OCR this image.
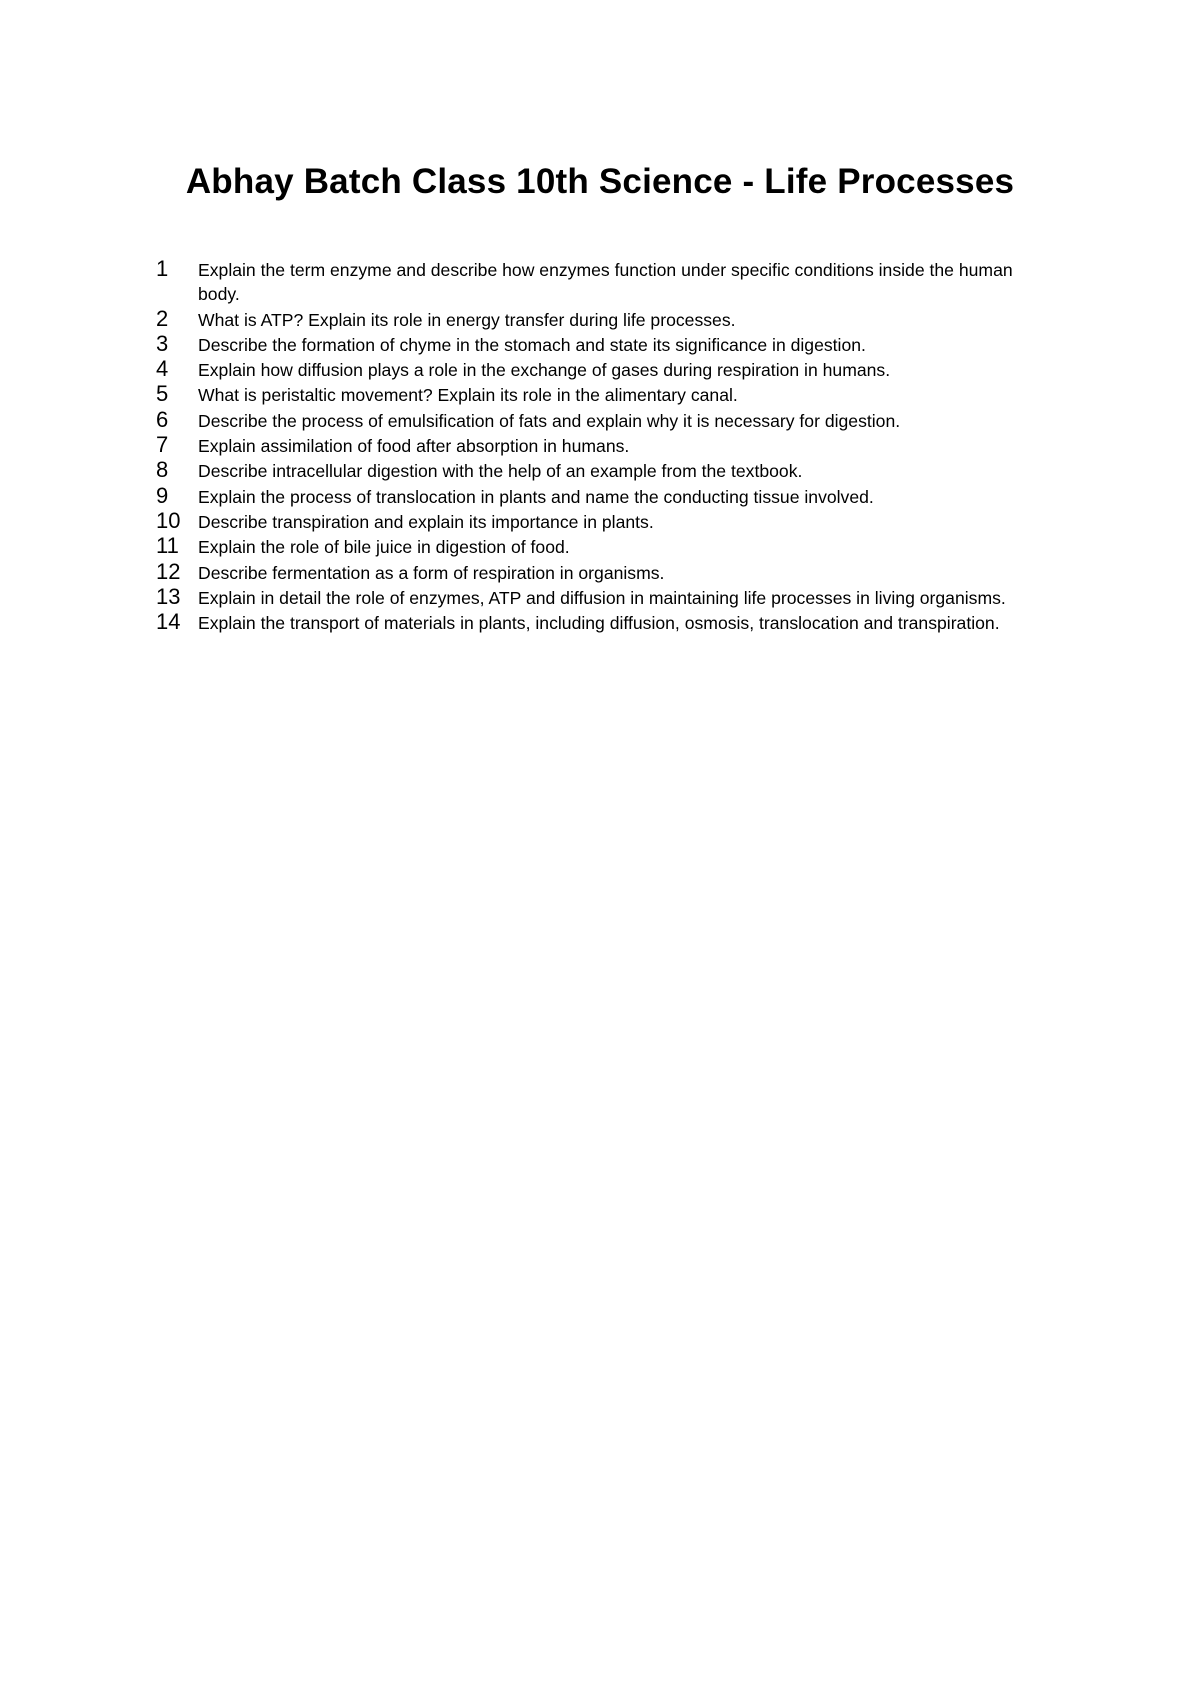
Abhay Batch Class 10th Science - Life Processes
1	Explain the term enzyme and describe how enzymes function under specific conditions inside the human body.
2	What is ATP? Explain its role in energy transfer during life processes.
3	Describe the formation of chyme in the stomach and state its significance in digestion.
4	Explain how diffusion plays a role in the exchange of gases during respiration in humans.
5	What is peristaltic movement? Explain its role in the alimentary canal.
6	Describe the process of emulsification of fats and explain why it is necessary for digestion.
7	Explain assimilation of food after absorption in humans.
8	Describe intracellular digestion with the help of an example from the textbook.
9	Explain the process of translocation in plants and name the conducting tissue involved.
10 Describe transpiration and explain its importance in plants.
11	Explain the role of bile juice in digestion of food.
12 Describe fermentation as a form of respiration in organisms.
13 Explain in detail the role of enzymes, ATP and diffusion in maintaining life processes in living organisms.
14 Explain the transport of materials in plants, including diffusion, osmosis, translocation and transpiration.
